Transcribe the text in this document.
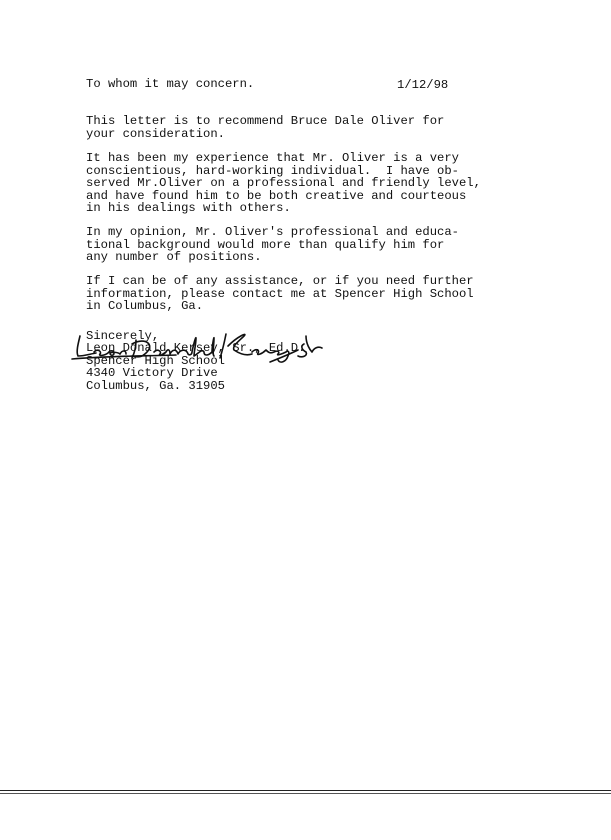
To whom it may concern.	1/12/98
This letter is to recommend Bruce Dale Oliver for
your consideration.
It has been my experience that Mr. Oliver is a very
conscientious, hard-working individual.  I have ob-
served Mr.Oliver on a professional and friendly level,
and have found him to be both creative and courteous
in his dealings with others.
In my opinion, Mr. Oliver's professional and educa-
tional background would more than qualify him for
any number of positions.
If I can be of any assistance, or if you need further
information, please contact me at Spencer High School
in Columbus, Ga.
Sincerely,
Leon Donald Kersey, Sr., Ed.D.
Spencer High School
4340 Victory Drive
Columbus, Ga. 31905
